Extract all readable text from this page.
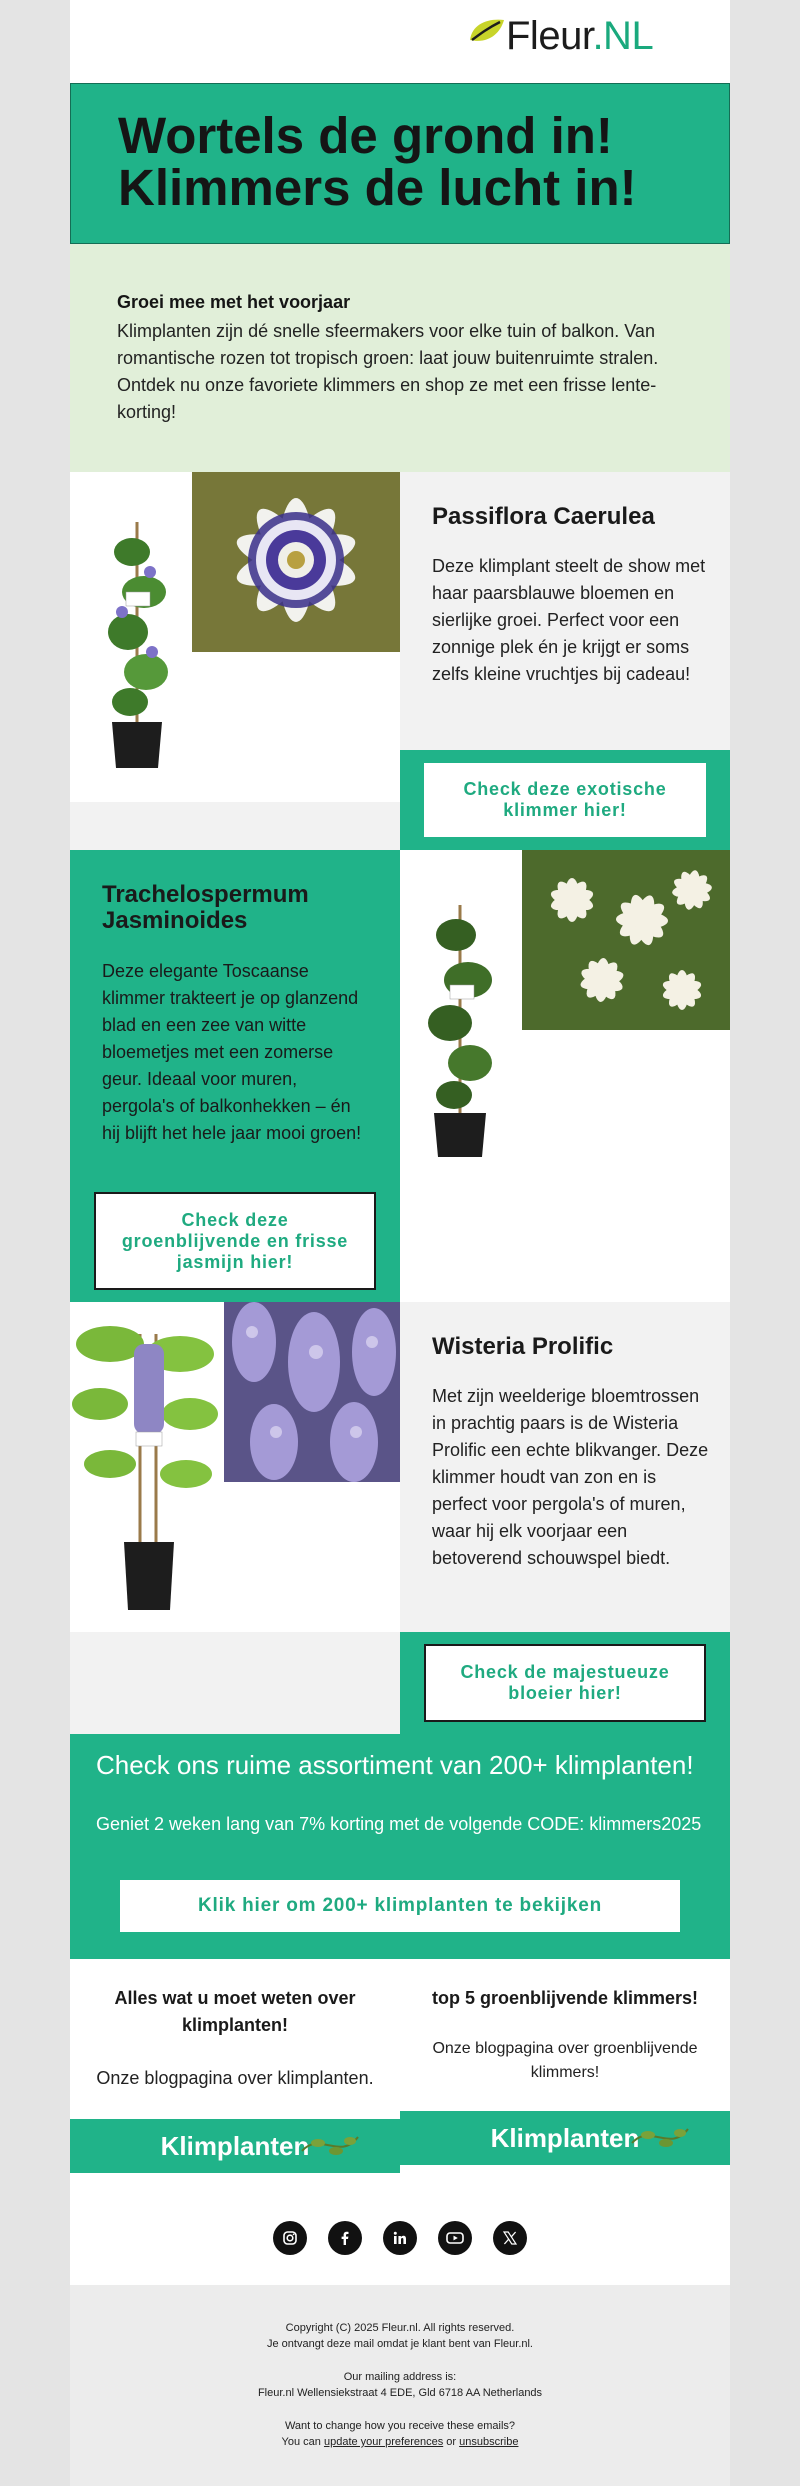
Fleur.NL
Wortels de grond in!
Klimmers de lucht in!
Groei mee met het voorjaar
Klimplanten zijn dé snelle sfeermakers voor elke tuin of balkon. Van romantische rozen tot tropisch groen: laat jouw buitenruimte stralen. Ontdek nu onze favoriete klimmers en shop ze met een frisse lente-korting!
Passiflora Caerulea
Deze klimplant steelt de show met haar paarsblauwe bloemen en sierlijke groei. Perfect voor een zonnige plek én je krijgt er soms zelfs kleine vruchtjes bij cadeau!
Check deze exotische klimmer hier!
Trachelospermum Jasminoides
Deze elegante Toscaanse klimmer trakteert je op glanzend blad en een zee van witte bloemetjes met een zomerse geur. Ideaal voor muren, pergola's of balkonhekken – én hij blijft het hele jaar mooi groen!
Check deze groenblijvende en frisse jasmijn hier!
Wisteria Prolific
Met zijn weelderige bloemtrossen in prachtig paars is de Wisteria Prolific een echte blikvanger. Deze klimmer houdt van zon en is perfect voor pergola's of muren, waar hij elk voorjaar een betoverend schouwspel biedt.
Check de majestueuze bloeier hier!
Check ons ruime assortiment van 200+ klimplanten!
Geniet 2 weken lang van 7% korting met de volgende CODE: klimmers2025
Klik hier om 200+ klimplanten te bekijken
Alles wat u moet weten over klimplanten!
Onze blogpagina over klimplanten.
Klimplanten
top 5 groenblijvende klimmers!
Onze blogpagina over groenblijvende klimmers!
Klimplanten

Copyright (C) 2025 Fleur.nl. All rights reserved.

Je ontvangt deze mail omdat je klant bent van Fleur.nl.

Our mailing address is:

Fleur.nl Wellensiekstraat 4 EDE, Gld 6718 AA Netherlands

Want to change how you receive these emails?

You can update your preferences or unsubscribe
